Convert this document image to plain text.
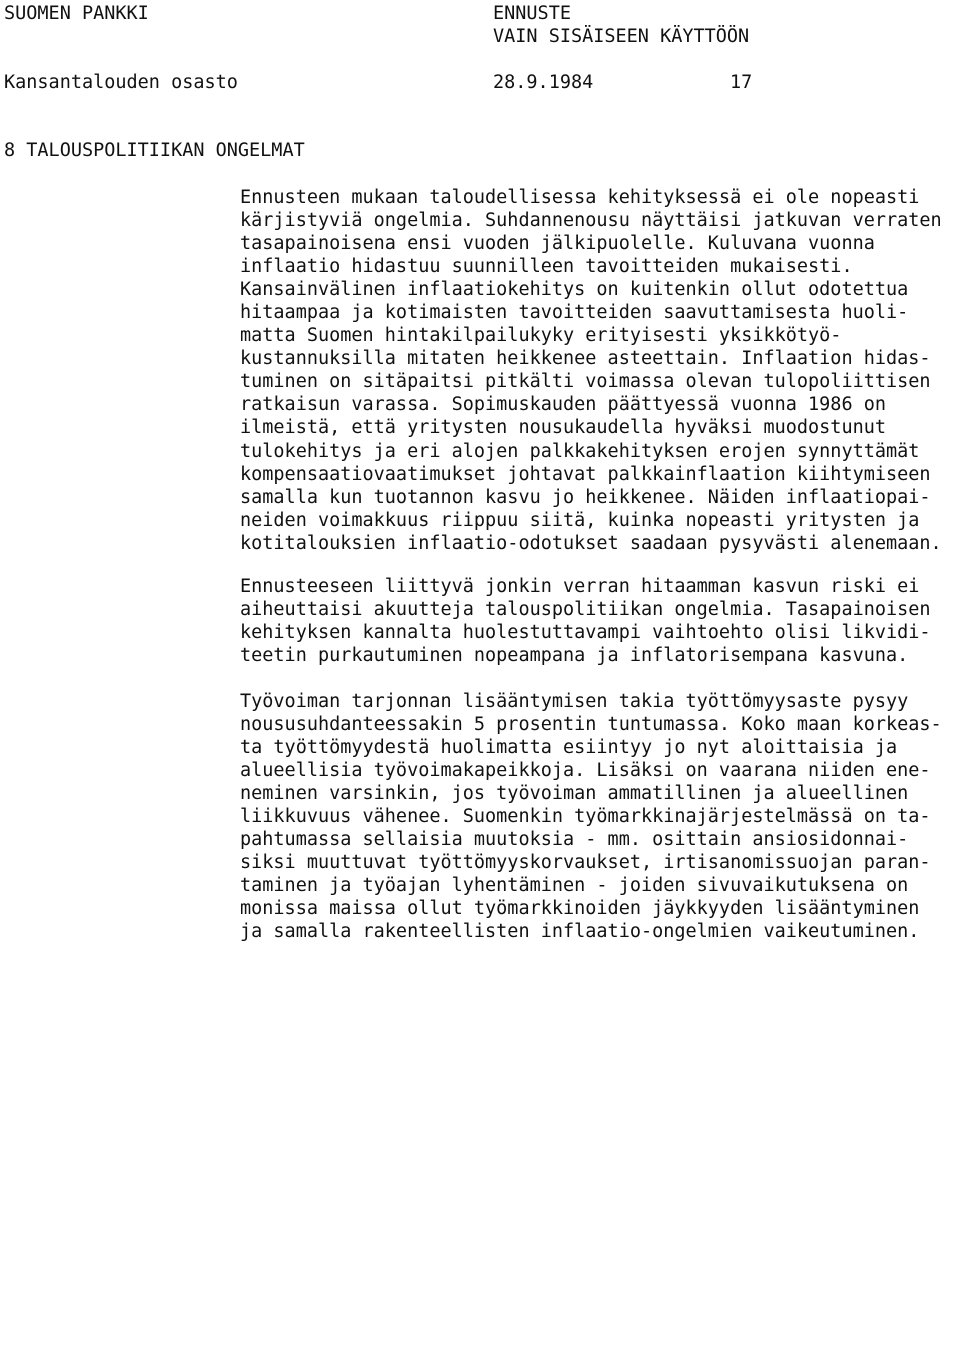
SUOMEN PANKKI	ENNUSTE
VAIN SISÄISEEN KÄYTTÖÖN
Kansantalouden osasto	28.9.1984	17
8 TALOUSPOLITIIKAN ONGELMAT
Ennusteen mukaan taloudellisessa kehityksessä ei ole nopeasti
kärjistyviä ongelmia. Suhdannenousu näyttäisi jatkuvan verraten
tasapainoisena ensi vuoden jälkipuolelle. Kuluvana vuonna
inflaatio hidastuu suunnilleen tavoitteiden mukaisesti.
Kansainvälinen inflaatiokehitys on kuitenkin ollut odotettua
hitaampaa ja kotimaisten tavoitteiden saavuttamisesta huoli-
matta Suomen hintakilpailukyky erityisesti yksikkötyö-
kustannuksilla mitaten heikkenee asteettain. Inflaation hidas-
tuminen on sitäpaitsi pitkälti voimassa olevan tulopoliittisen
ratkaisun varassa. Sopimuskauden päättyessä vuonna 1986 on
ilmeistä, että yritysten nousukaudella hyväksi muodostunut
tulokehitys ja eri alojen palkkakehityksen erojen synnyttämät
kompensaatiovaatimukset johtavat palkkainflaation kiihtymiseen
samalla kun tuotannon kasvu jo heikkenee. Näiden inflaatiopai-
neiden voimakkuus riippuu siitä, kuinka nopeasti yritysten ja
kotitalouksien inflaatio-odotukset saadaan pysyvästi alenemaan.
Ennusteeseen liittyvä jonkin verran hitaamman kasvun riski ei
aiheuttaisi akuutteja talouspolitiikan ongelmia. Tasapainoisen
kehityksen kannalta huolestuttavampi vaihtoehto olisi likvidi-
teetin purkautuminen nopeampana ja inflatorisempana kasvuna.
Työvoiman tarjonnan lisääntymisen takia työttömyysaste pysyy
noususuhdanteessakin 5 prosentin tuntumassa. Koko maan korkeas-
ta työttömyydestä huolimatta esiintyy jo nyt aloittaisia ja
alueellisia työvoimakapeikkoja. Lisäksi on vaarana niiden ene-
neminen varsinkin, jos työvoiman ammatillinen ja alueellinen
liikkuvuus vähenee. Suomenkin työmarkkinajärjestelmässä on ta-
pahtumassa sellaisia muutoksia - mm. osittain ansiosidonnai-
siksi muuttuvat työttömyyskorvaukset, irtisanomissuojan paran-
taminen ja työajan lyhentäminen - joiden sivuvaikutuksena on
monissa maissa ollut työmarkkinoiden jäykkyyden lisääntyminen
ja samalla rakenteellisten inflaatio-ongelmien vaikeutuminen.
